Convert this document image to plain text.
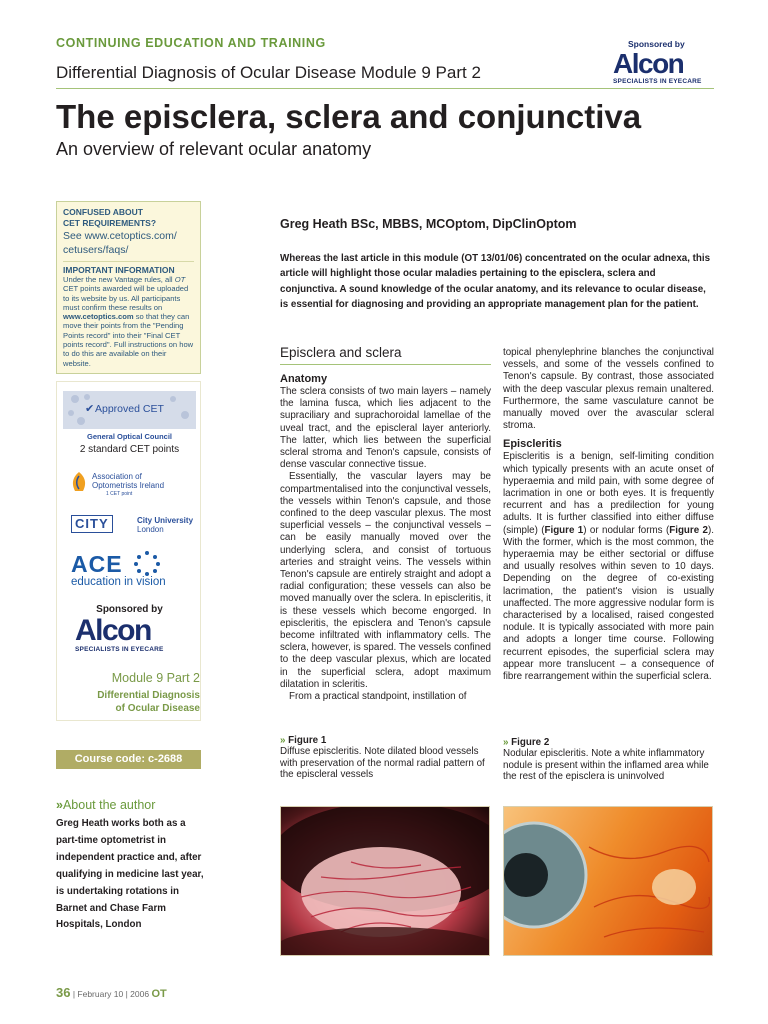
CONTINUING EDUCATION AND TRAINING
Differential Diagnosis of Ocular Disease Module 9 Part 2
Sponsored by
Alcon
SPECIALISTS IN EYECARE
The episclera, sclera and conjunctiva
An overview of relevant ocular anatomy
CONFUSED ABOUT
CET REQUIREMENTS?
See www.cetoptics.com/
cetusers/faqs/
IMPORTANT INFORMATION
Under the new Vantage rules, all OT CET points awarded will be uploaded to its website by us. All participants must confirm these results on www.cetoptics.com so that they can move their points from the "Pending Points record" into their "Final CET points record". Full instructions on how to do this are available on their website.
✔ Approved CET
General Optical Council
2 standard CET points
Association of
Optometrists Ireland
1 CET point
CITY	City University
London
ACE
education in vision
Sponsored by
Alcon
SPECIALISTS IN EYECARE
Module 9 Part 2
Differential Diagnosis
of Ocular Disease
Course code: c-2688
»About the author
Greg Heath works both as a part-time optometrist in independent practice and, after qualifying in medicine last year, is undertaking rotations in Barnet and Chase Farm Hospitals, London
Greg Heath BSc, MBBS, MCOptom, DipClinOptom
Whereas the last article in this module (OT 13/01/06) concentrated on the ocular adnexa, this article will highlight those ocular maladies pertaining to the episclera, sclera and conjunctiva. A sound knowledge of the ocular anatomy, and its relevance to ocular disease, is essential for diagnosing and providing an appropriate management plan for the patient.
Episclera and sclera
Anatomy

The sclera consists of two main layers – namely the lamina fusca, which lies adjacent to the supraciliary and suprachoroidal lamellae of the uveal tract, and the episcleral layer anteriorly. The latter, which lies between the superficial scleral stroma and Tenon's capsule, consists of dense vascular connective tissue.

Essentially, the vascular layers may be compartmentalised into the conjunctival vessels, the vessels within Tenon's capsule, and those confined to the deep vascular plexus. The most superficial vessels – the conjunctival vessels – can be easily manually moved over the underlying sclera, and consist of tortuous arteries and straight veins. The vessels within Tenon's capsule are entirely straight and adopt a radial configuration; these vessels can also be moved manually over the sclera. In episcleritis, it is these vessels which become engorged. In episcleritis, the episclera and Tenon's capsule become infiltrated with inflammatory cells. The sclera, however, is spared. The vessels confined to the deep vascular plexus, which are located in the superficial sclera, adopt maximum dilatation in scleritis.

From a practical standpoint, instillation of

topical phenylephrine blanches the conjunctival vessels, and some of the vessels confined to Tenon's capsule. By contrast, those associated with the deep vascular plexus remain unaltered. Furthermore, the same vasculature cannot be manually moved over the avascular scleral stroma.

Episcleritis

Episcleritis is a benign, self-limiting condition which typically presents with an acute onset of hyperaemia and mild pain, with some degree of lacrimation in one or both eyes. It is frequently recurrent and has a predilection for young adults. It is further classified into either diffuse (simple) (Figure 1) or nodular forms (Figure 2). With the former, which is the most common, the hyperaemia may be either sectorial or diffuse and usually resolves within seven to 10 days. Depending on the degree of co-existing lacrimation, the patient's vision is usually unaffected. The more aggressive nodular form is characterised by a localised, raised congested nodule. It is typically associated with more pain and adopts a longer time course. Following recurrent episodes, the superficial sclera may appear more translucent – a consequence of fibre rearrangement within the superficial sclera.

» Figure 1
Diffuse episcleritis. Note dilated blood vessels with preservation of the normal radial pattern of the episcleral vessels
» Figure 2
Nodular episcleritis. Note a white inflammatory nodule is present within the inflamed area while the rest of the episclera is uninvolved
36 | February 10 | 2006 OT
